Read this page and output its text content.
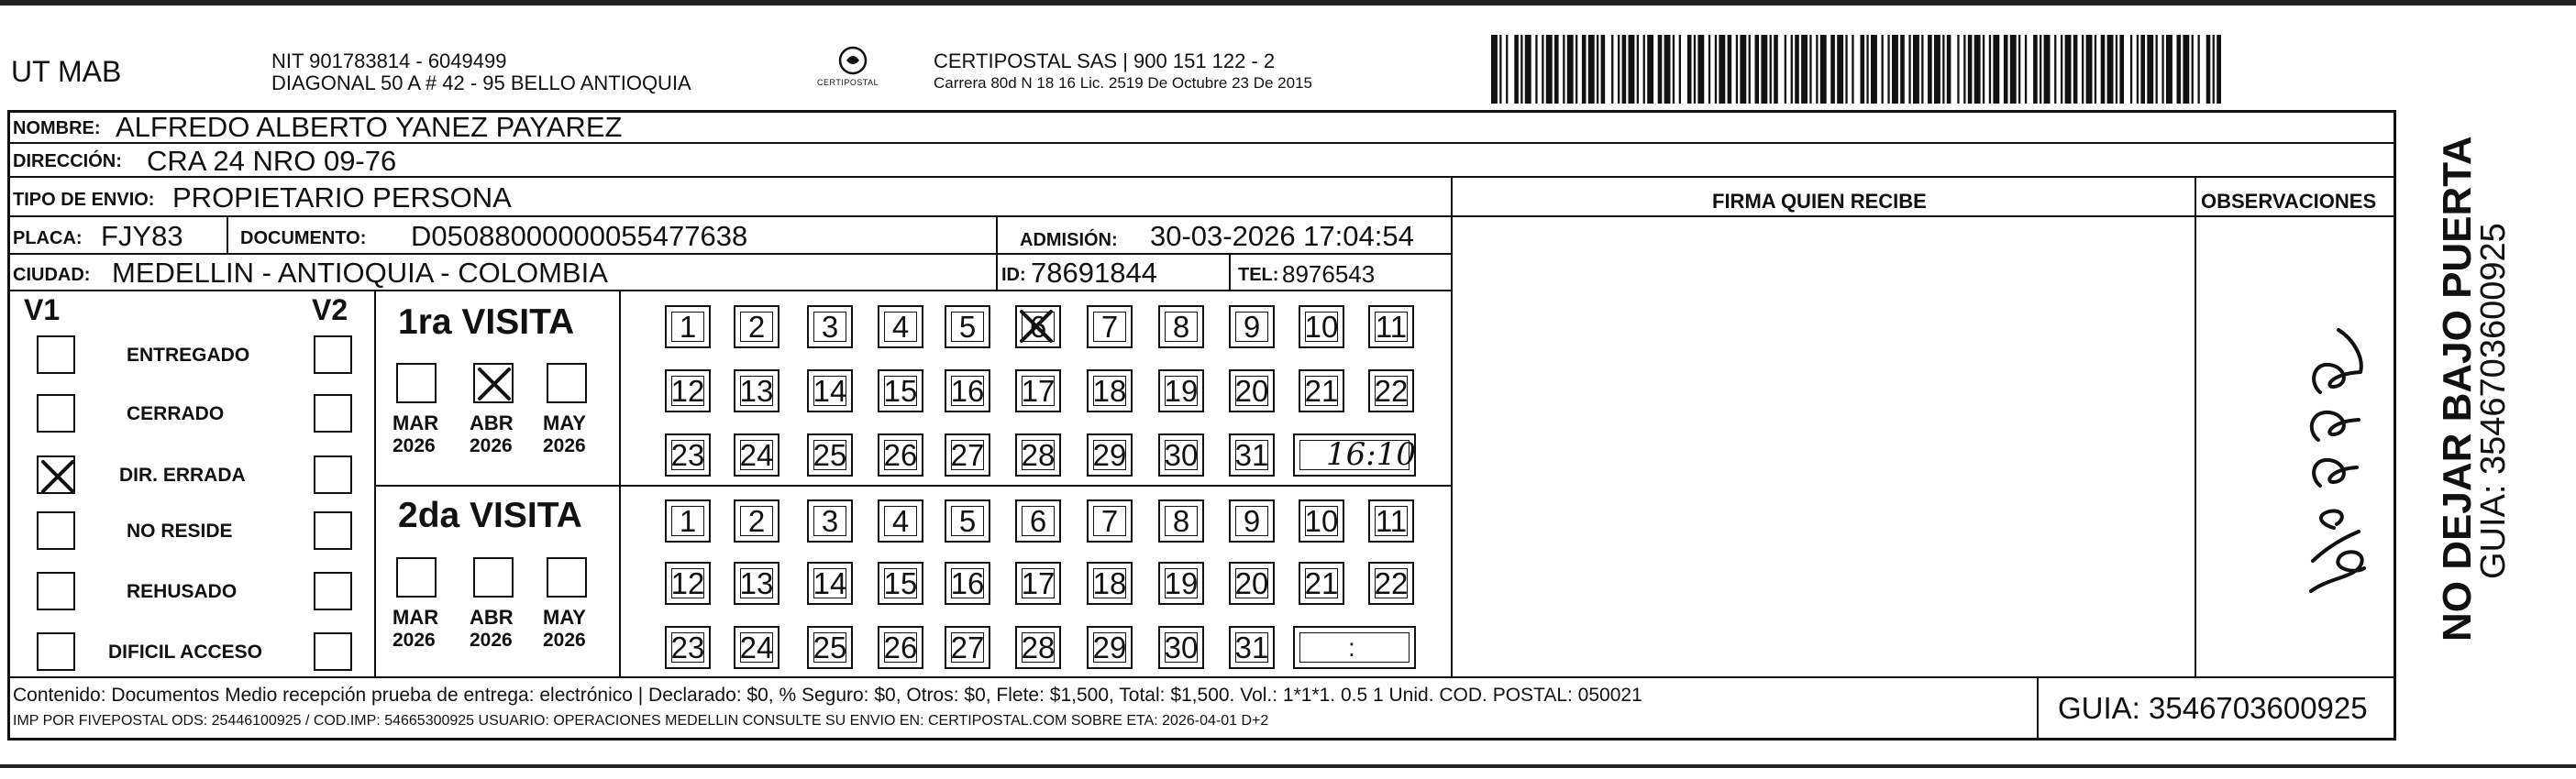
UT MAB	NIT 901783814 - 6049499
DIAGONAL 50 A # 42 - 95 BELLO ANTIOQUIA	CERTIPOSTAL
CERTIPOSTAL SAS | 900 151 122 - 2
Carrera 80d N 18 16 Lic. 2519 De Octubre 23 De 2015
NOMBRE: ALFREDO ALBERTO YANEZ PAYAREZ
DIRECCIÓN: CRA 24 NRO 09-76
TIPO DE ENVIO: PROPIETARIO PERSONA	FIRMA QUIEN RECIBE	OBSERVACIONES
PLACA: FJY83	DOCUMENTO: D05088000000055477638	ADMISIÓN: 30-03-2026 17:04:54
CIUDAD: MEDELLIN - ANTIOQUIA - COLOMBIA	ID: 78691844	TEL: 8976543
V1	V2
ENTREGADO
CERRADO
DIR. ERRADA
NO RESIDE
REHUSADO
DIFICIL ACCESO
1ra VISITA
MAR
2026
ABR
2026
MAY
2026
1 2 3 4 5 6 7 8 9 10 11
12 13 14 15 16 17 18 19 20 21 22
23 24 25 26 27 28 29 30 31 16:10
2da VISITA
MAR
2026
ABR
2026
MAY
2026
1 2 3 4 5 6 7 8 9 10 11
12 13 14 15 16 17 18 19 20 21 22
23 24 25 26 27 28 29 30 31	:
Contenido: Documentos Medio recepción prueba de entrega: electrónico | Declarado: $0, % Seguro: $0, Otros: $0, Flete: $1,500, Total: $1,500. Vol.: 1*1*1. 0.5 1 Unid. COD. POSTAL: 050021
IMP POR FIVEPOSTAL ODS: 25446100925 / COD.IMP: 54665300925 USUARIO: OPERACIONES MEDELLIN CONSULTE SU ENVIO EN: CERTIPOSTAL.COM SOBRE ETA: 2026-04-01 D+2	GUIA: 3546703600925
NO DEJAR BAJO PUERTA
GUIA: 3546703600925
